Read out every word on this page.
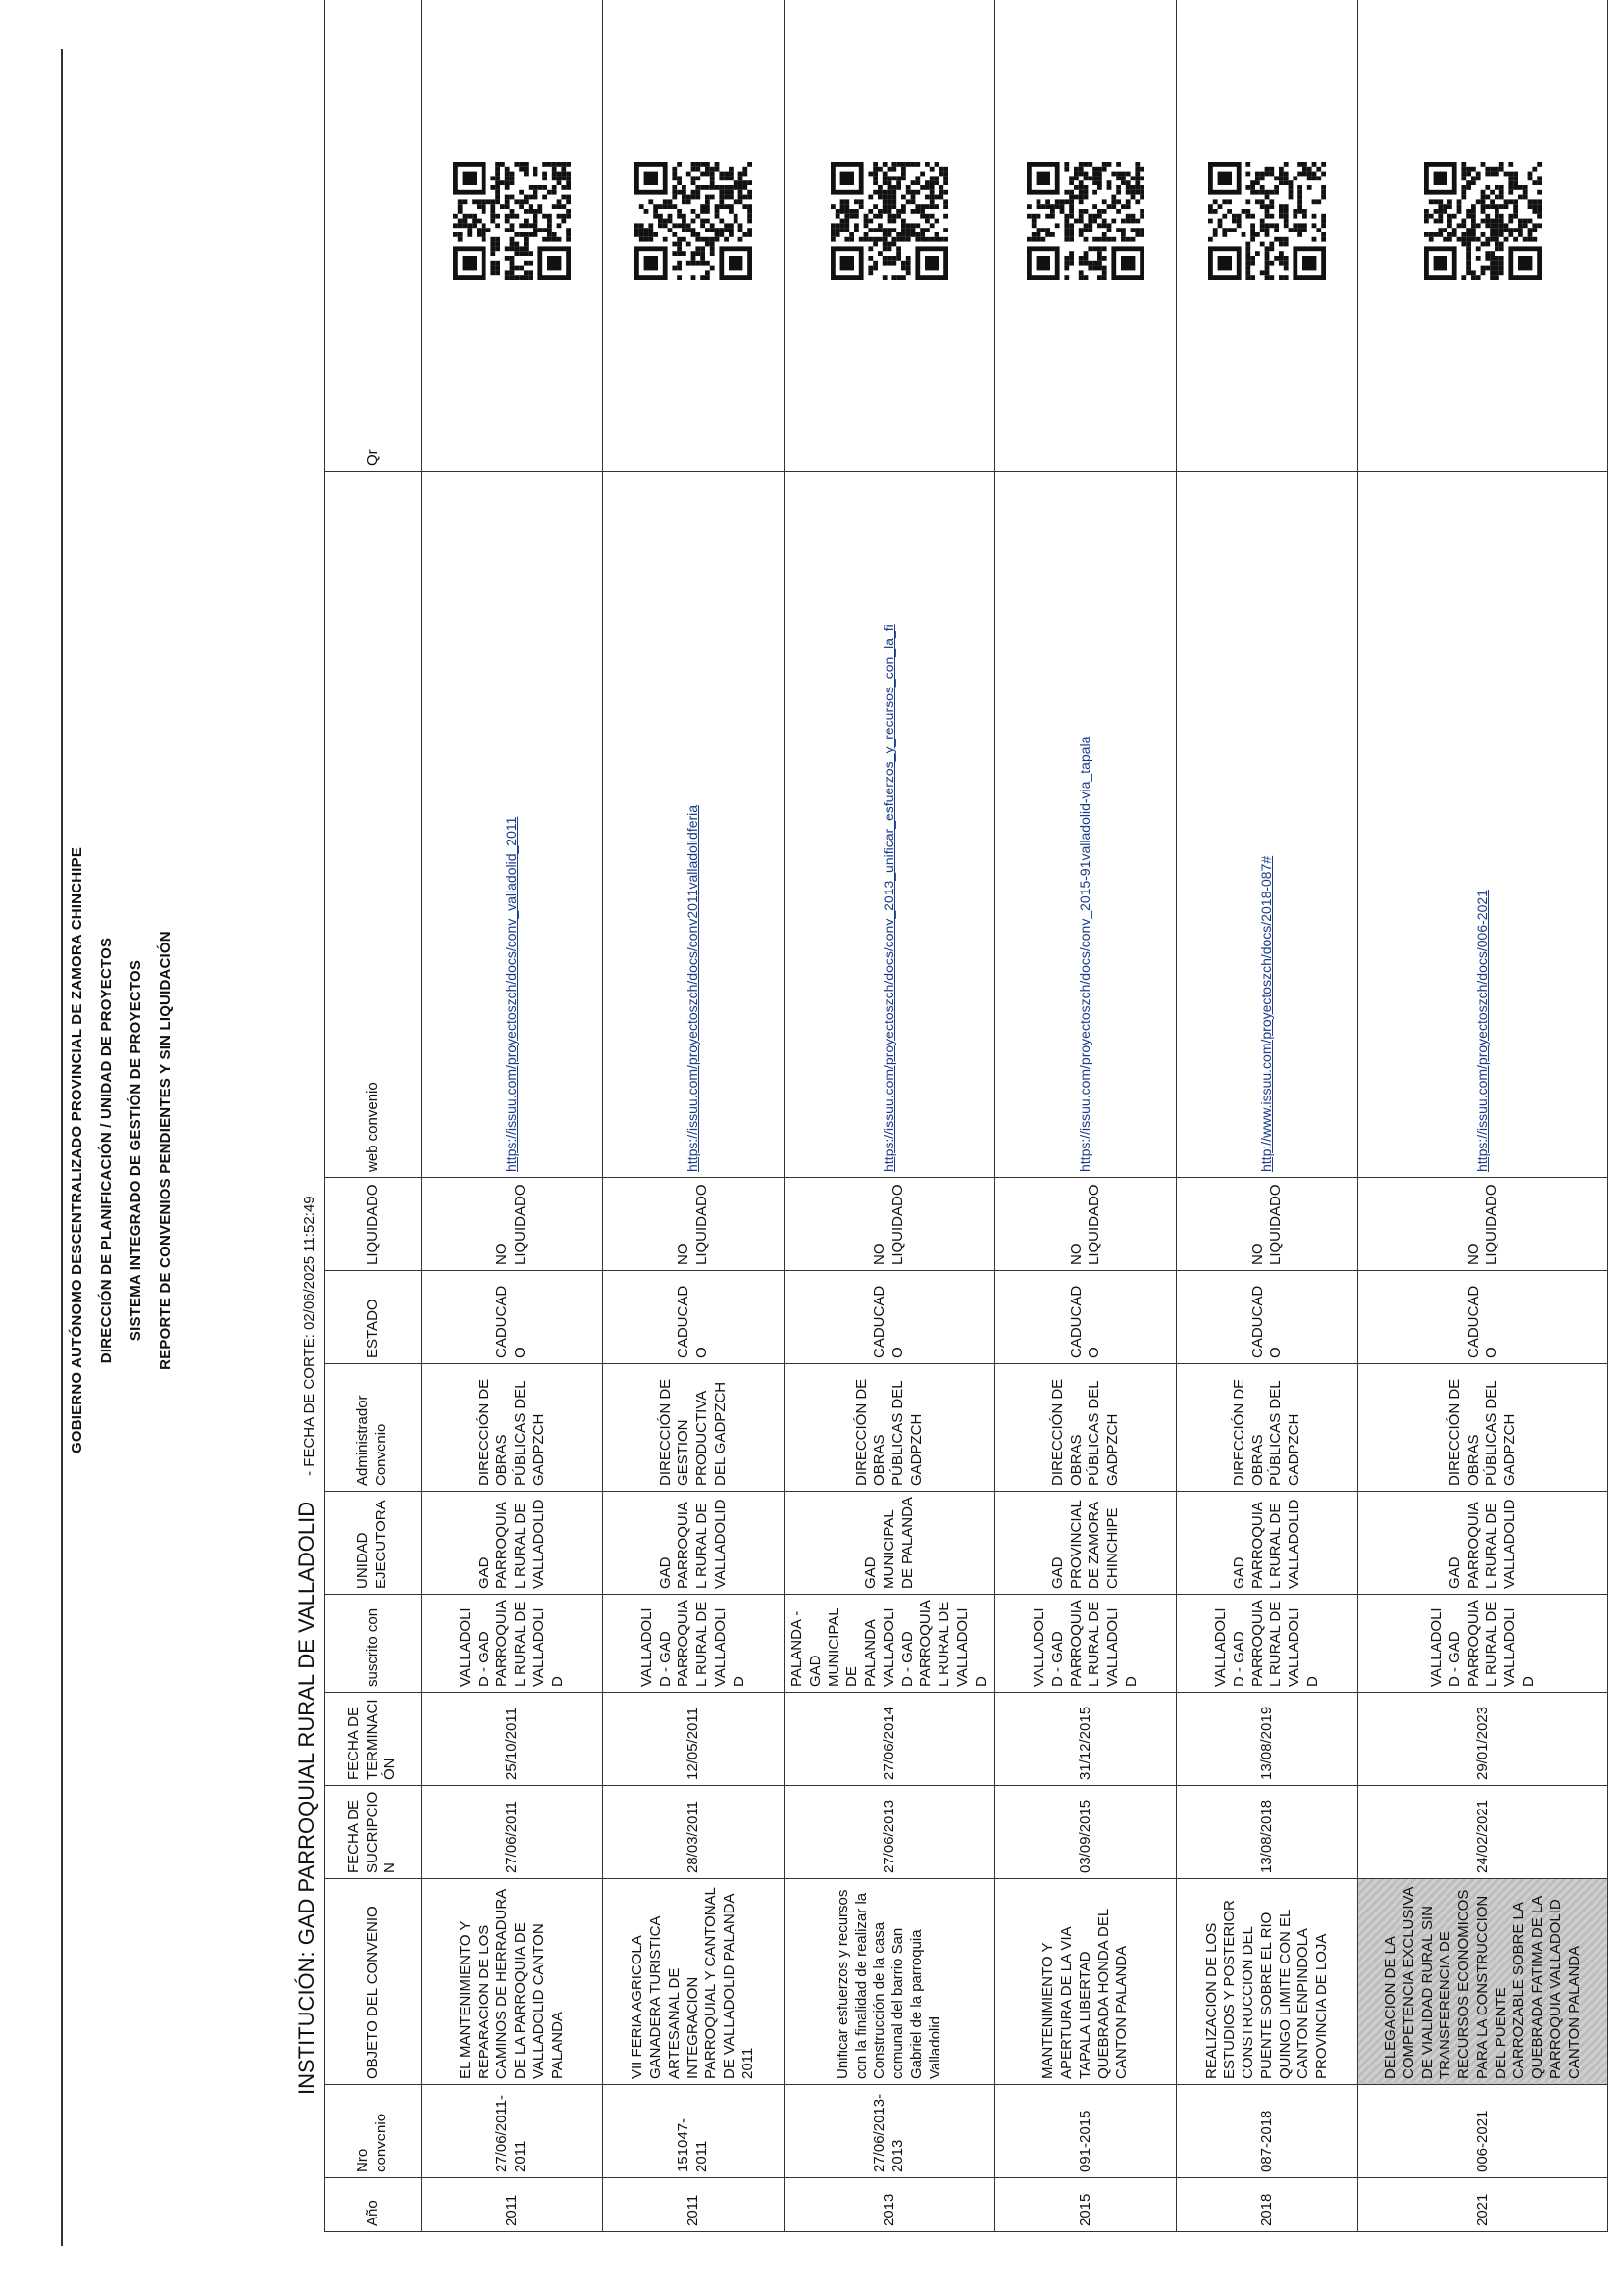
GOBIERNO AUTÓNOMO DESCENTRALIZADO PROVINCIAL DE ZAMORA CHINCHIPE DIRECCIÓN DE PLANIFICACIÓN / UNIDAD DE PROYECTOS SISTEMA INTEGRADO DE GESTIÓN DE PROYECTOS REPORTE DE CONVENIOS PENDIENTES Y SIN LIQUIDACIÓN
INSTITUCIÓN: GAD PARROQUIAL RURAL DE VALLADOLID- FECHA DE CORTE: 02/06/2025 11:52:49
Año	Nro convenio	OBJETO DEL CONVENIO	FECHA DE SUCRIPCION	FECHA DE TERMINACIÓN	suscrito con	UNIDAD EJECUTORA	Administrador Convenio	ESTADO	LIQUIDADO	web convenio	Qr
2011	27/06/2011-2011	EL MANTENIMIENTO Y REPARACION DE LOS CAMINOS DE HERRADURA DE LA PARROQUIA DE VALLADOLID CANTON PALANDA	27/06/2011	25/10/2011	VALLADOLID - GAD PARROQUIAL RURAL DE VALLADOLID	GAD PARROQUIAL RURAL DE VALLADOLID	DIRECCIÓN DE OBRAS PÚBLICAS DEL GADPZCH	CADUCADO	NO LIQUIDADO	https://issuu.com/proyectoszch/docs/conv_valladolid_2011	

2011	151047-2011	VII FERIA AGRICOLA GANADERA TURISTICA ARTESANAL DE INTEGRACION PARROQUIAL Y CANTONAL DE VALLADOLID PALANDA 2011	28/03/2011	12/05/2011	VALLADOLID - GAD PARROQUIAL RURAL DE VALLADOLID	GAD PARROQUIAL RURAL DE VALLADOLID	DIRECCIÓN DE GESTION PRODUCTIVA DEL GADPZCH	CADUCADO	NO LIQUIDADO	https://issuu.com/proyectoszch/docs/conv2011valladolidferia	

2013	27/06/2013-2013	Unificar esfuerzos y recursos con la finalidad de realizar la Construcción de la casa comunal del barrio San Gabriel de la parroquia Valladolid	27/06/2013	27/06/2014	PALANDA - GAD MUNICIPAL DE PALANDA VALLADOLID - GAD PARROQUIAL RURAL DE VALLADOLID	GAD MUNICIPAL DE PALANDA	DIRECCIÓN DE OBRAS PÚBLICAS DEL GADPZCH	CADUCADO	NO LIQUIDADO	https://issuu.com/proyectoszch/docs/conv_2013_unificar_esfuerzos_y_recursos_con_la_fi	

2015	091-2015	MANTENIMIENTO Y APERTURA DE LA VIA TAPALA LIBERTAD QUEBRADA HONDA DEL CANTON PALANDA	03/09/2015	31/12/2015	VALLADOLID - GAD PARROQUIAL RURAL DE VALLADOLID	GAD PROVINCIAL DE ZAMORA CHINCHIPE	DIRECCIÓN DE OBRAS PÚBLICAS DEL GADPZCH	CADUCADO	NO LIQUIDADO	https://issuu.com/proyectoszch/docs/conv_2015-91valladolid-via_tapala	

2018	087-2018	REALIZACION DE LOS ESTUDIOS Y POSTERIOR CONSTRUCCION DEL PUENTE SOBRE EL RIO QUINGO LIMITE CON EL CANTON ENPINDOLA PROVINCIA DE LOJA	13/08/2018	13/08/2019	VALLADOLID - GAD PARROQUIAL RURAL DE VALLADOLID	GAD PARROQUIAL RURAL DE VALLADOLID	DIRECCIÓN DE OBRAS PÚBLICAS DEL GADPZCH	CADUCADO	NO LIQUIDADO	http://www.issuu.com/proyectoszch/docs/2018-087#	

2021	006-2021	DELEGACION DE LA COMPETENCIA EXCLUSIVA DE VIALIDAD RURAL SIN TRANSFERENCIA DE RECURSOS ECONOMICOS PARA LA CONSTRUCCION DEL PUENTE CARROZABLE SOBRE LA QUEBRADA FATIMA DE LA PARROQUIA VALLADOLID CANTON PALANDA	24/02/2021	29/01/2023	VALLADOLID - GAD PARROQUIAL RURAL DE VALLADOLID	GAD PARROQUIAL RURAL DE VALLADOLID	DIRECCIÓN DE OBRAS PÚBLICAS DEL GADPZCH	CADUCADO	NO LIQUIDADO	https://issuu.com/proyectoszch/docs/006-2021	
